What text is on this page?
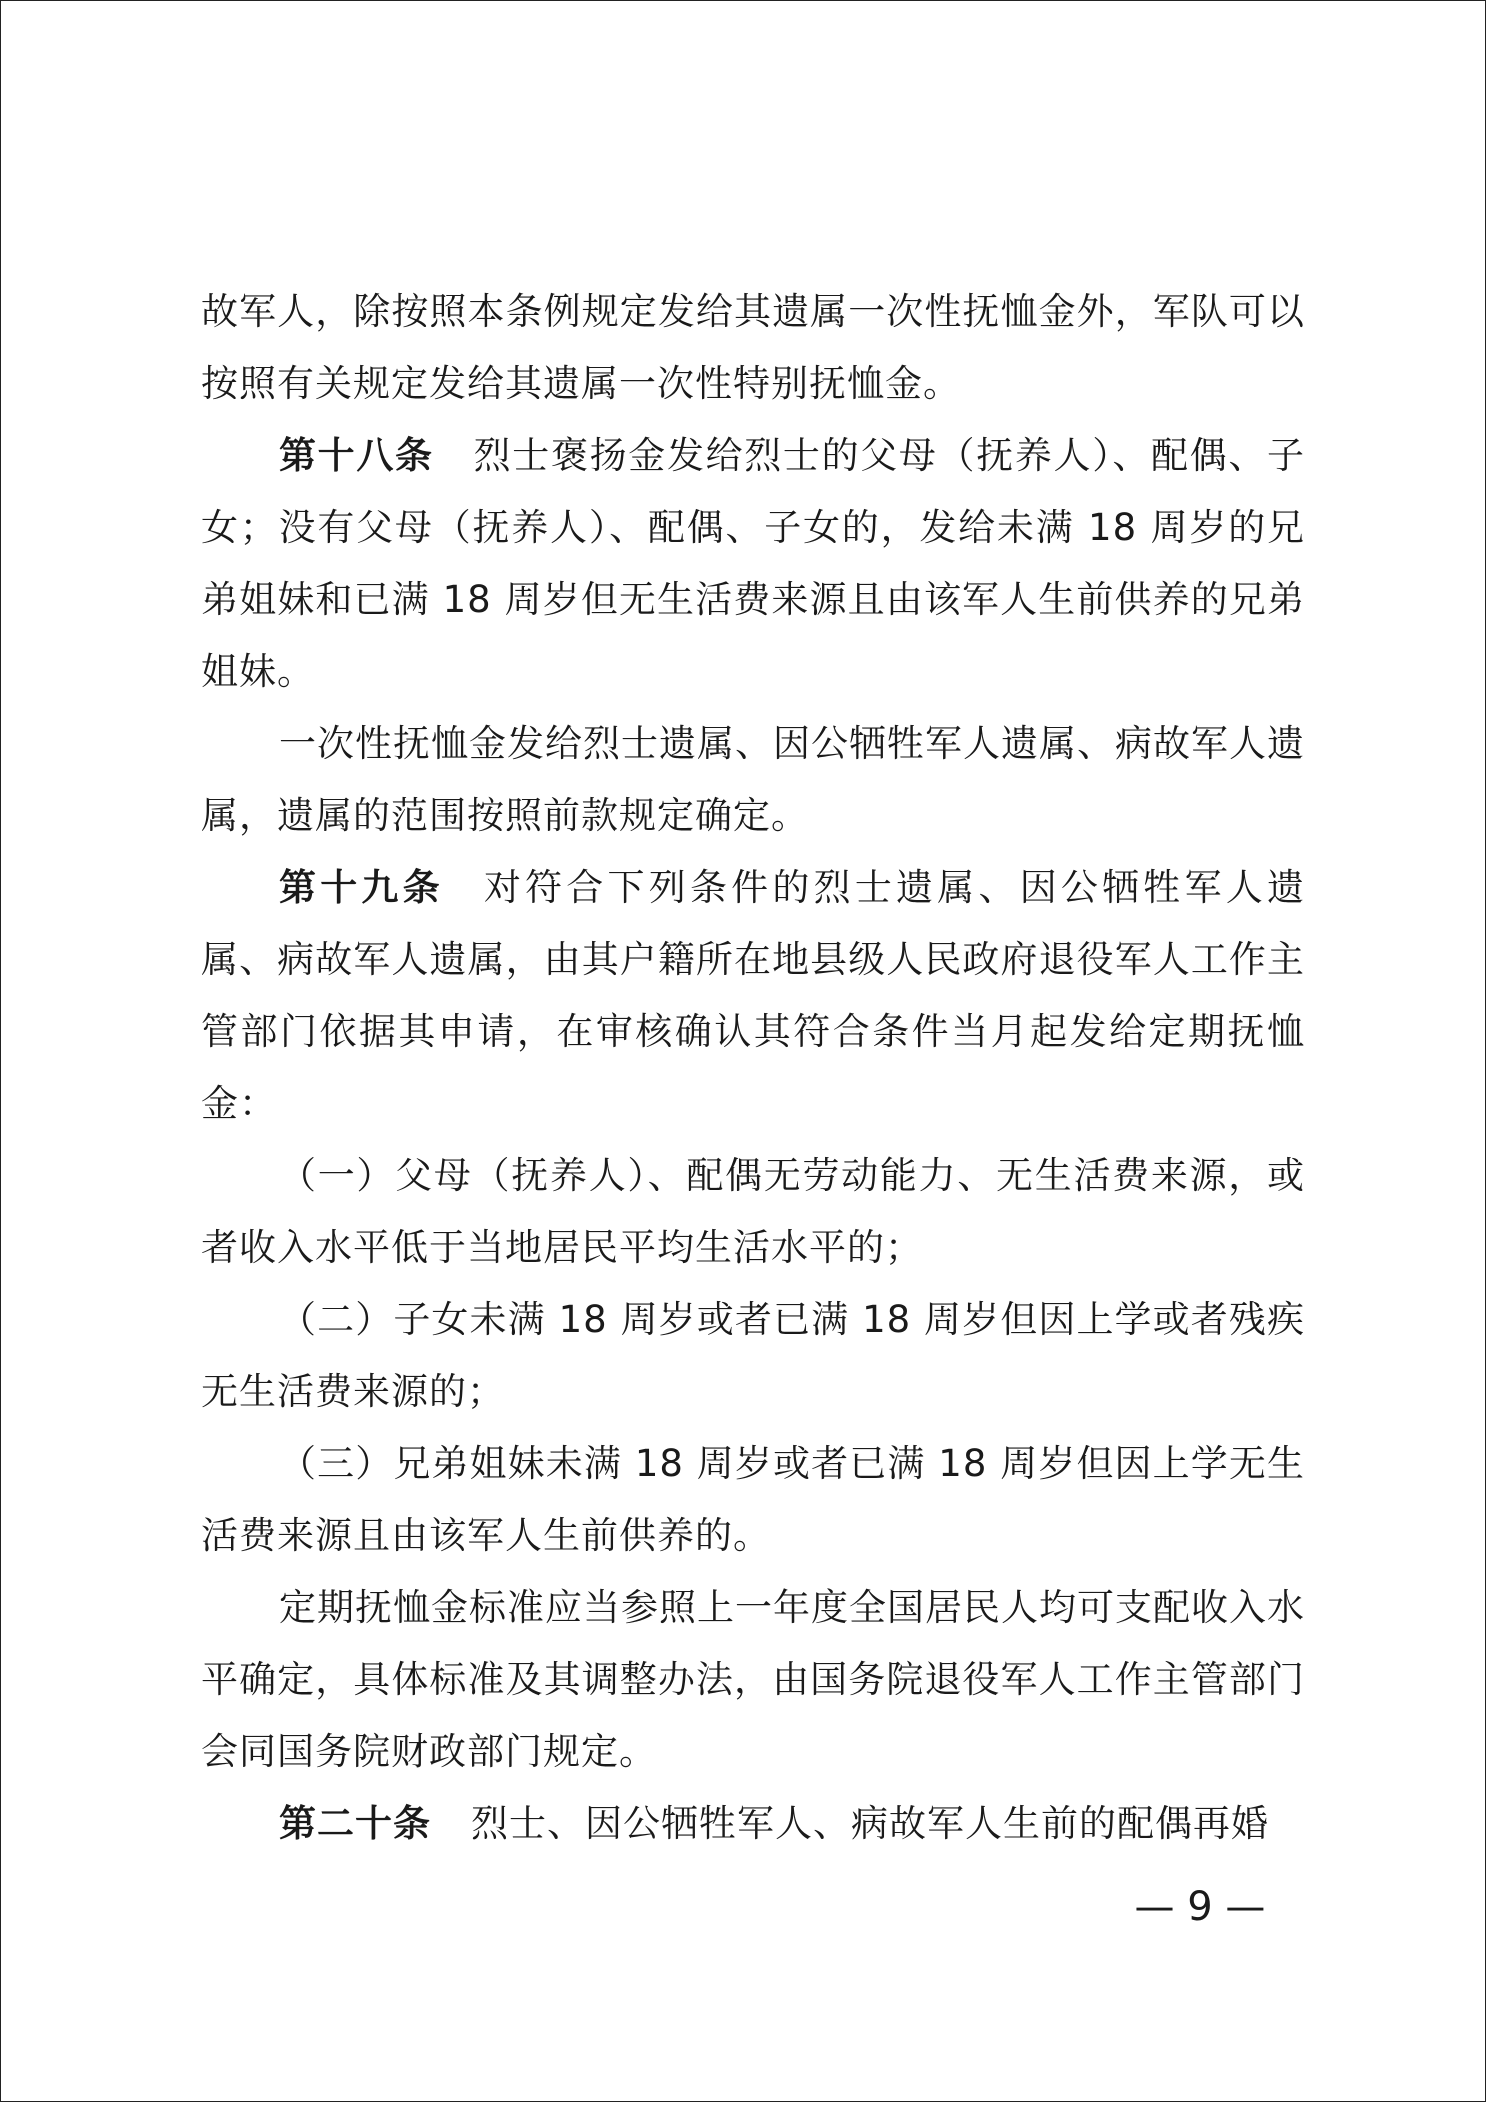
故军人，除按照本条例规定发给其遗属一次性抚恤金外，军队可以按照有关规定发给其遗属一次性特别抚恤金。

第十八条 烈士褒扬金发给烈士的父母（抚养人）、配偶、子女；没有父母（抚养人）、配偶、子女的，发给未满 18 周岁的兄弟姐妹和已满 18 周岁但无生活费来源且由该军人生前供养的兄弟姐妹。

一次性抚恤金发给烈士遗属、因公牺牲军人遗属、病故军人遗属，遗属的范围按照前款规定确定。

第十九条 对符合下列条件的烈士遗属、因公牺牲军人遗属、病故军人遗属，由其户籍所在地县级人民政府退役军人工作主管部门依据其申请，在审核确认其符合条件当月起发给定期抚恤金：

（一）父母（抚养人）、配偶无劳动能力、无生活费来源，或者收入水平低于当地居民平均生活水平的；

（二）子女未满 18 周岁或者已满 18 周岁但因上学或者残疾无生活费来源的；

（三）兄弟姐妹未满 18 周岁或者已满 18 周岁但因上学无生活费来源且由该军人生前供养的。

定期抚恤金标准应当参照上一年度全国居民人均可支配收入水平确定，具体标准及其调整办法，由国务院退役军人工作主管部门会同国务院财政部门规定。

第二十条 烈士、因公牺牲军人、病故军人生前的配偶再婚

— 9 —
